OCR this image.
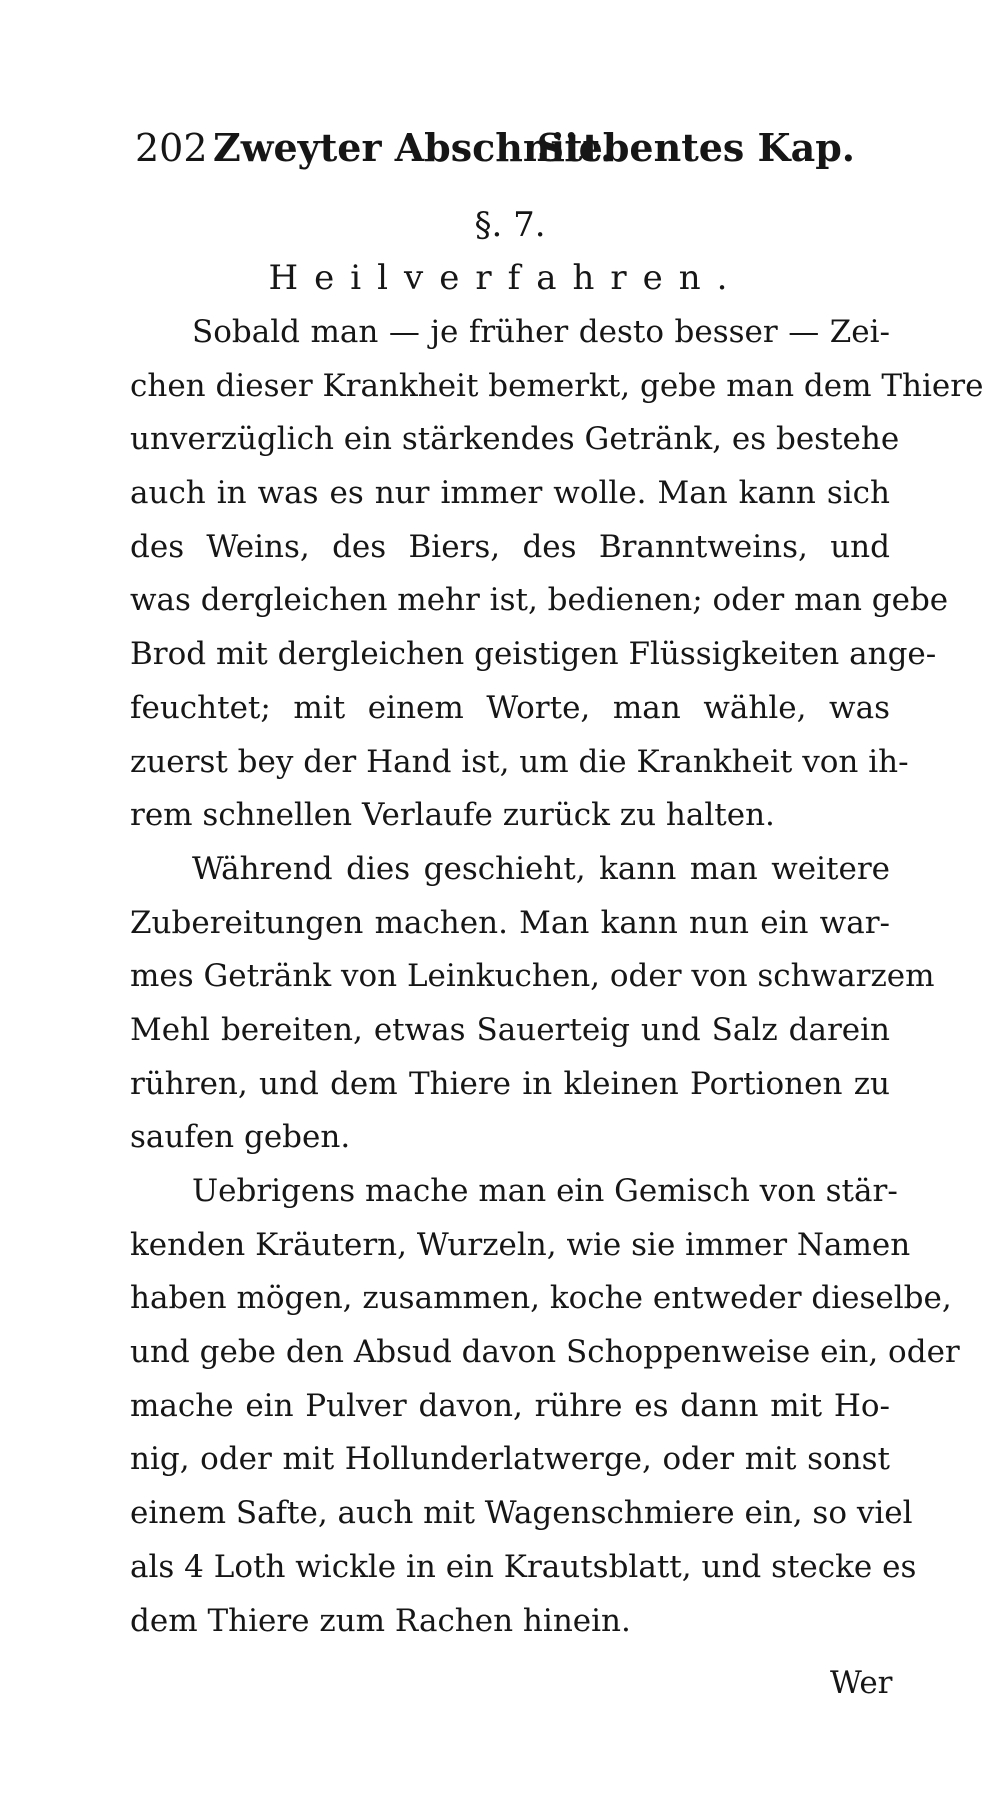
202 Zweyter Abschnitt.
Siebentes Kap.
§. 7.
Heilverfahren.
Sobald man — je früher desto besser — Zei-
chen dieser Krankheit bemerkt, gebe man dem Thiere
unverzüglich ein stärkendes Getränk, es bestehe
auch in was es nur immer wolle. Man kann sich
des Weins, des Biers, des Branntweins, und
was dergleichen mehr ist, bedienen; oder man gebe
Brod mit dergleichen geistigen Flüssigkeiten ange-
feuchtet; mit einem Worte, man wähle, was
zuerst bey der Hand ist, um die Krankheit von ih-
rem schnellen Verlaufe zurück zu halten.
Während dies geschieht, kann man weitere
Zubereitungen machen. Man kann nun ein war-
mes Getränk von Leinkuchen, oder von schwarzem
Mehl bereiten, etwas Sauerteig und Salz darein
rühren, und dem Thiere in kleinen Portionen zu
saufen geben.
Uebrigens mache man ein Gemisch von stär-
kenden Kräutern, Wurzeln, wie sie immer Namen
haben mögen, zusammen, koche entweder dieselbe,
und gebe den Absud davon Schoppenweise ein, oder
mache ein Pulver davon, rühre es dann mit Ho-
nig, oder mit Hollunderlatwerge, oder mit sonst
einem Safte, auch mit Wagenschmiere ein, so viel
als 4 Loth wickle in ein Krautsblatt, und stecke es
dem Thiere zum Rachen hinein.
Wer
